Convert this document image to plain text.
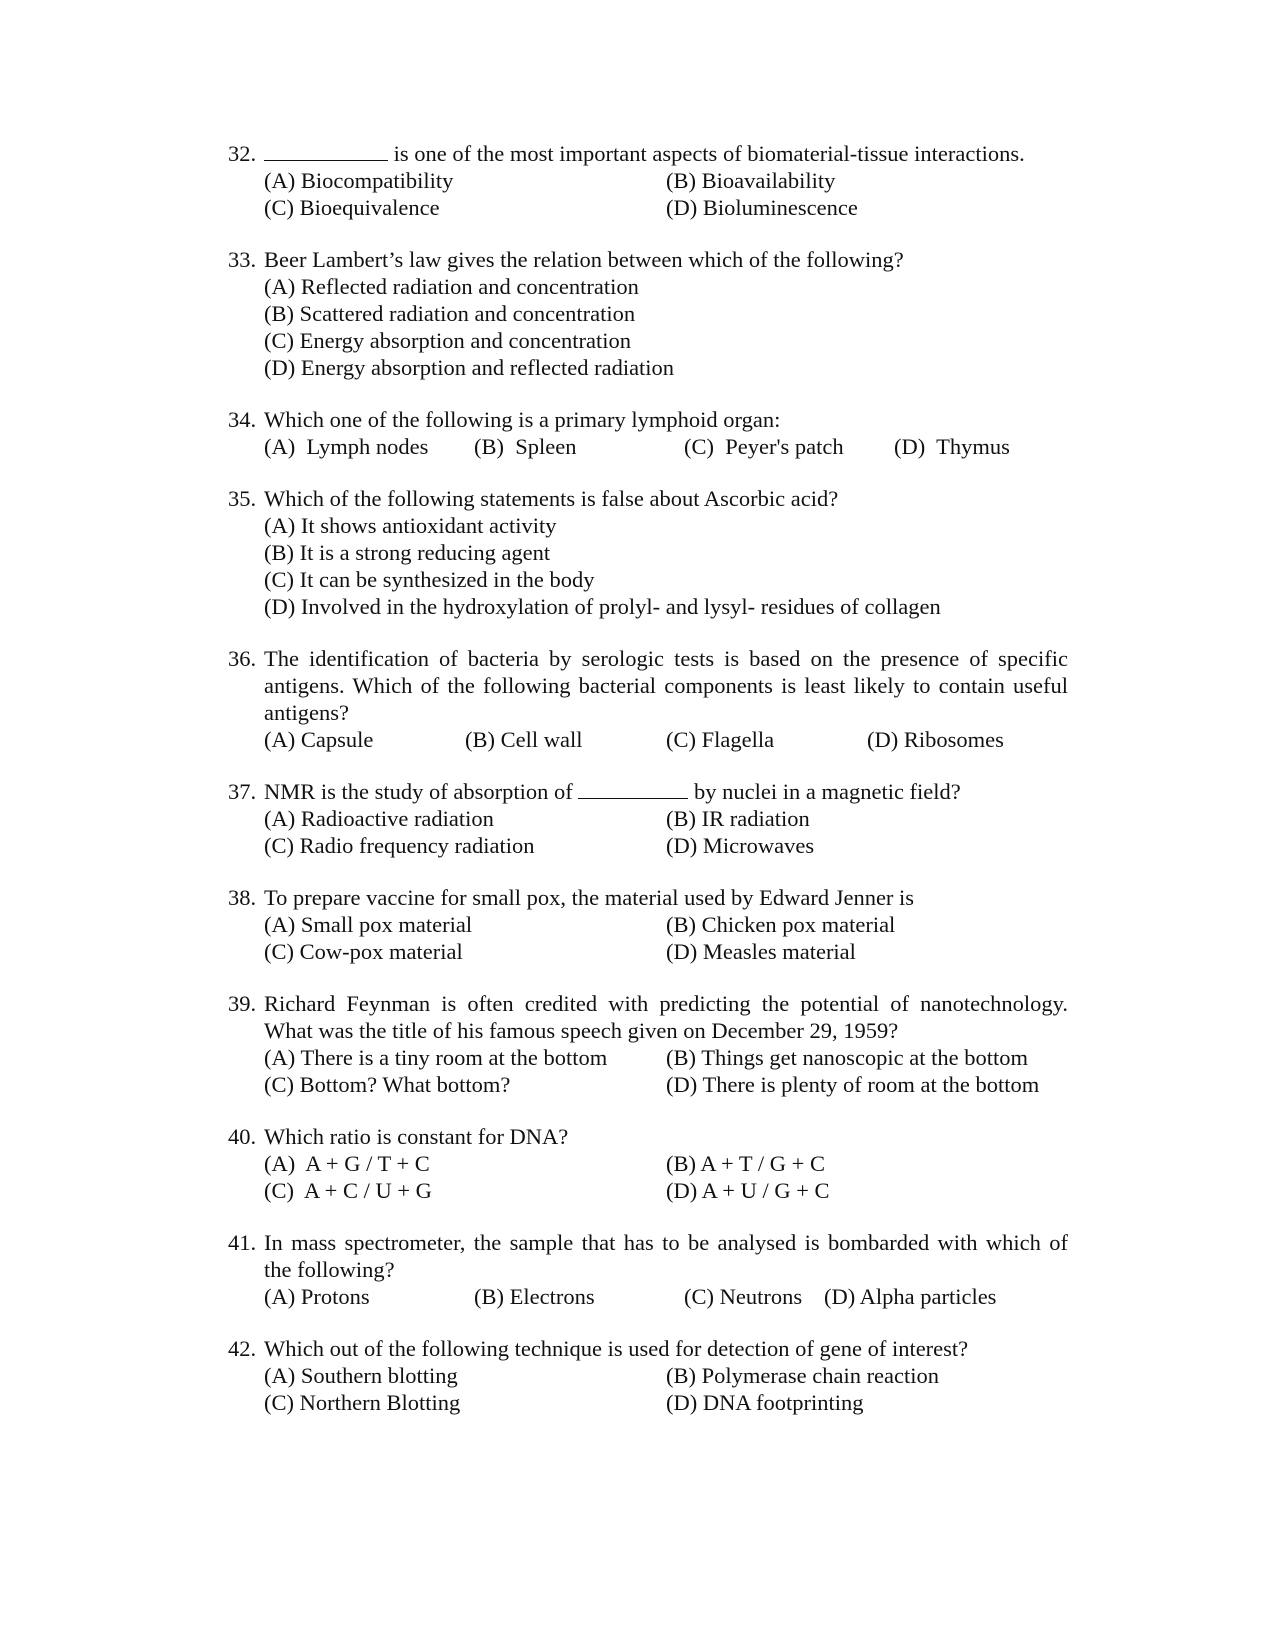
32.	is one of the most important aspects of biomaterial-tissue interactions.
(A) Biocompatibility	(B) Bioavailability
(C) Bioequivalence	(D) Bioluminescence
33. Beer Lambert’s law gives the relation between which of the following?
(A) Reflected radiation and concentration
(B) Scattered radiation and concentration
(C) Energy absorption and concentration
(D) Energy absorption and reflected radiation
34. Which one of the following is a primary lymphoid organ:
(A)  Lymph nodes	(B)  Spleen	(C)  Peyer's patch	(D)  Thymus
35. Which of the following statements is false about Ascorbic acid?
(A) It shows antioxidant activity
(B) It is a strong reducing agent
(C) It can be synthesized in the body
(D) Involved in the hydroxylation of prolyl- and lysyl- residues of collagen
36. The identification of bacteria by serologic tests is based on the presence of specific
antigens. Which of the following bacterial components is least likely to contain useful
antigens?
(A) Capsule	(B) Cell wall	(C) Flagella	(D) Ribosomes
37. NMR is the study of absorption of	by nuclei in a magnetic field?
(A) Radioactive radiation	(B) IR radiation
(C) Radio frequency radiation	(D) Microwaves
38. To prepare vaccine for small pox, the material used by Edward Jenner is
(A) Small pox material	(B) Chicken pox material
(C) Cow-pox material	(D) Measles material
39. Richard Feynman is often credited with predicting the potential of nanotechnology.
What was the title of his famous speech given on December 29, 1959?
(A) There is a tiny room at the bottom	(B) Things get nanoscopic at the bottom
(C) Bottom? What bottom?	(D) There is plenty of room at the bottom
40. Which ratio is constant for DNA?
(A)  A + G / T + C	(B) A + T / G + C
(C)  A + C / U + G	(D) A + U / G + C
41. In mass spectrometer, the sample that has to be analysed is bombarded with which of
the following?
(A) Protons	(B) Electrons	(C) Neutrons (D) Alpha particles
42. Which out of the following technique is used for detection of gene of interest?
(A) Southern blotting	(B) Polymerase chain reaction
(C) Northern Blotting	(D) DNA footprinting
